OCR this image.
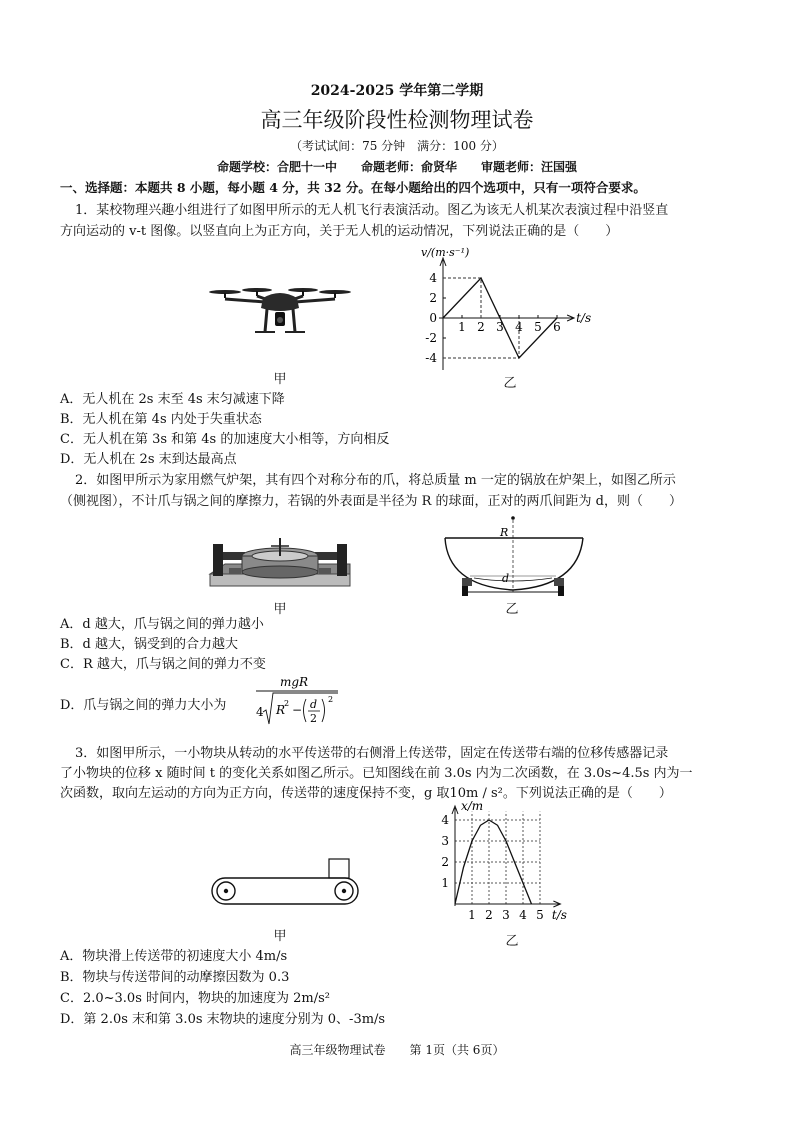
2024-2025 学年第二学期
高三年级阶段性检测物理试卷
（考试试间：75 分钟　满分：100 分）
命题学校：合肥十一中　　命题老师：俞贤华　　审题老师：汪国强
一、选择题：本题共 8 小题，每小题 4 分，共 32 分。在每小题给出的四个选项中，只有一项符合要求。
1．某校物理兴趣小组进行了如图甲所示的无人机飞行表演活动。图乙为该无人机某次表演过程中沿竖直
方向运动的 v-t 图像。以竖直向上为正方向，关于无人机的运动情况，下列说法正确的是（　　）
甲
v/(m·s⁻¹)
t/s
4
2
0
-2
-4
1 2 3 4 5 6
乙
A．无人机在 2s 末至 4s 末匀减速下降
B．无人机在第 4s 内处于失重状态
C．无人机在第 3s 和第 4s 的加速度大小相等，方向相反
D．无人机在 2s 末到达最高点
2．如图甲所示为家用燃气炉架，其有四个对称分布的爪，将总质量 m 一定的锅放在炉架上，如图乙所示
（侧视图），不计爪与锅之间的摩擦力，若锅的外表面是半径为 R 的球面，正对的两爪间距为 d，则（　　）
甲
R
d
乙
A．d 越大，爪与锅之间的弹力越小
B．d 越大，锅受到的合力越大
C．R 越大，爪与锅之间的弹力不变
D．爪与锅之间的弹力大小为
mgR
4 R
2 − d
2
2
3．如图甲所示，一小物块从转动的水平传送带的右侧滑上传送带，固定在传送带右端的位移传感器记录
了小物块的位移 x 随时间 t 的变化关系如图乙所示。已知图线在前 3.0s 内为二次函数，在 3.0s~4.5s 内为一
次函数，取向左运动的方向为正方向，传送带的速度保持不变，g 取10m / s²。下列说法正确的是（　　）
甲
x/m
t/s
4
3
2
1
1 2 3 4 5
乙
A．物块滑上传送带的初速度大小 4m/s
B．物块与传送带间的动摩擦因数为 0.3
C．2.0~3.0s 时间内，物块的加速度为 2m/s²
D．第 2.0s 末和第 3.0s 末物块的速度分别为 0、-3m/s
高三年级物理试卷　　第 1页（共 6页）
